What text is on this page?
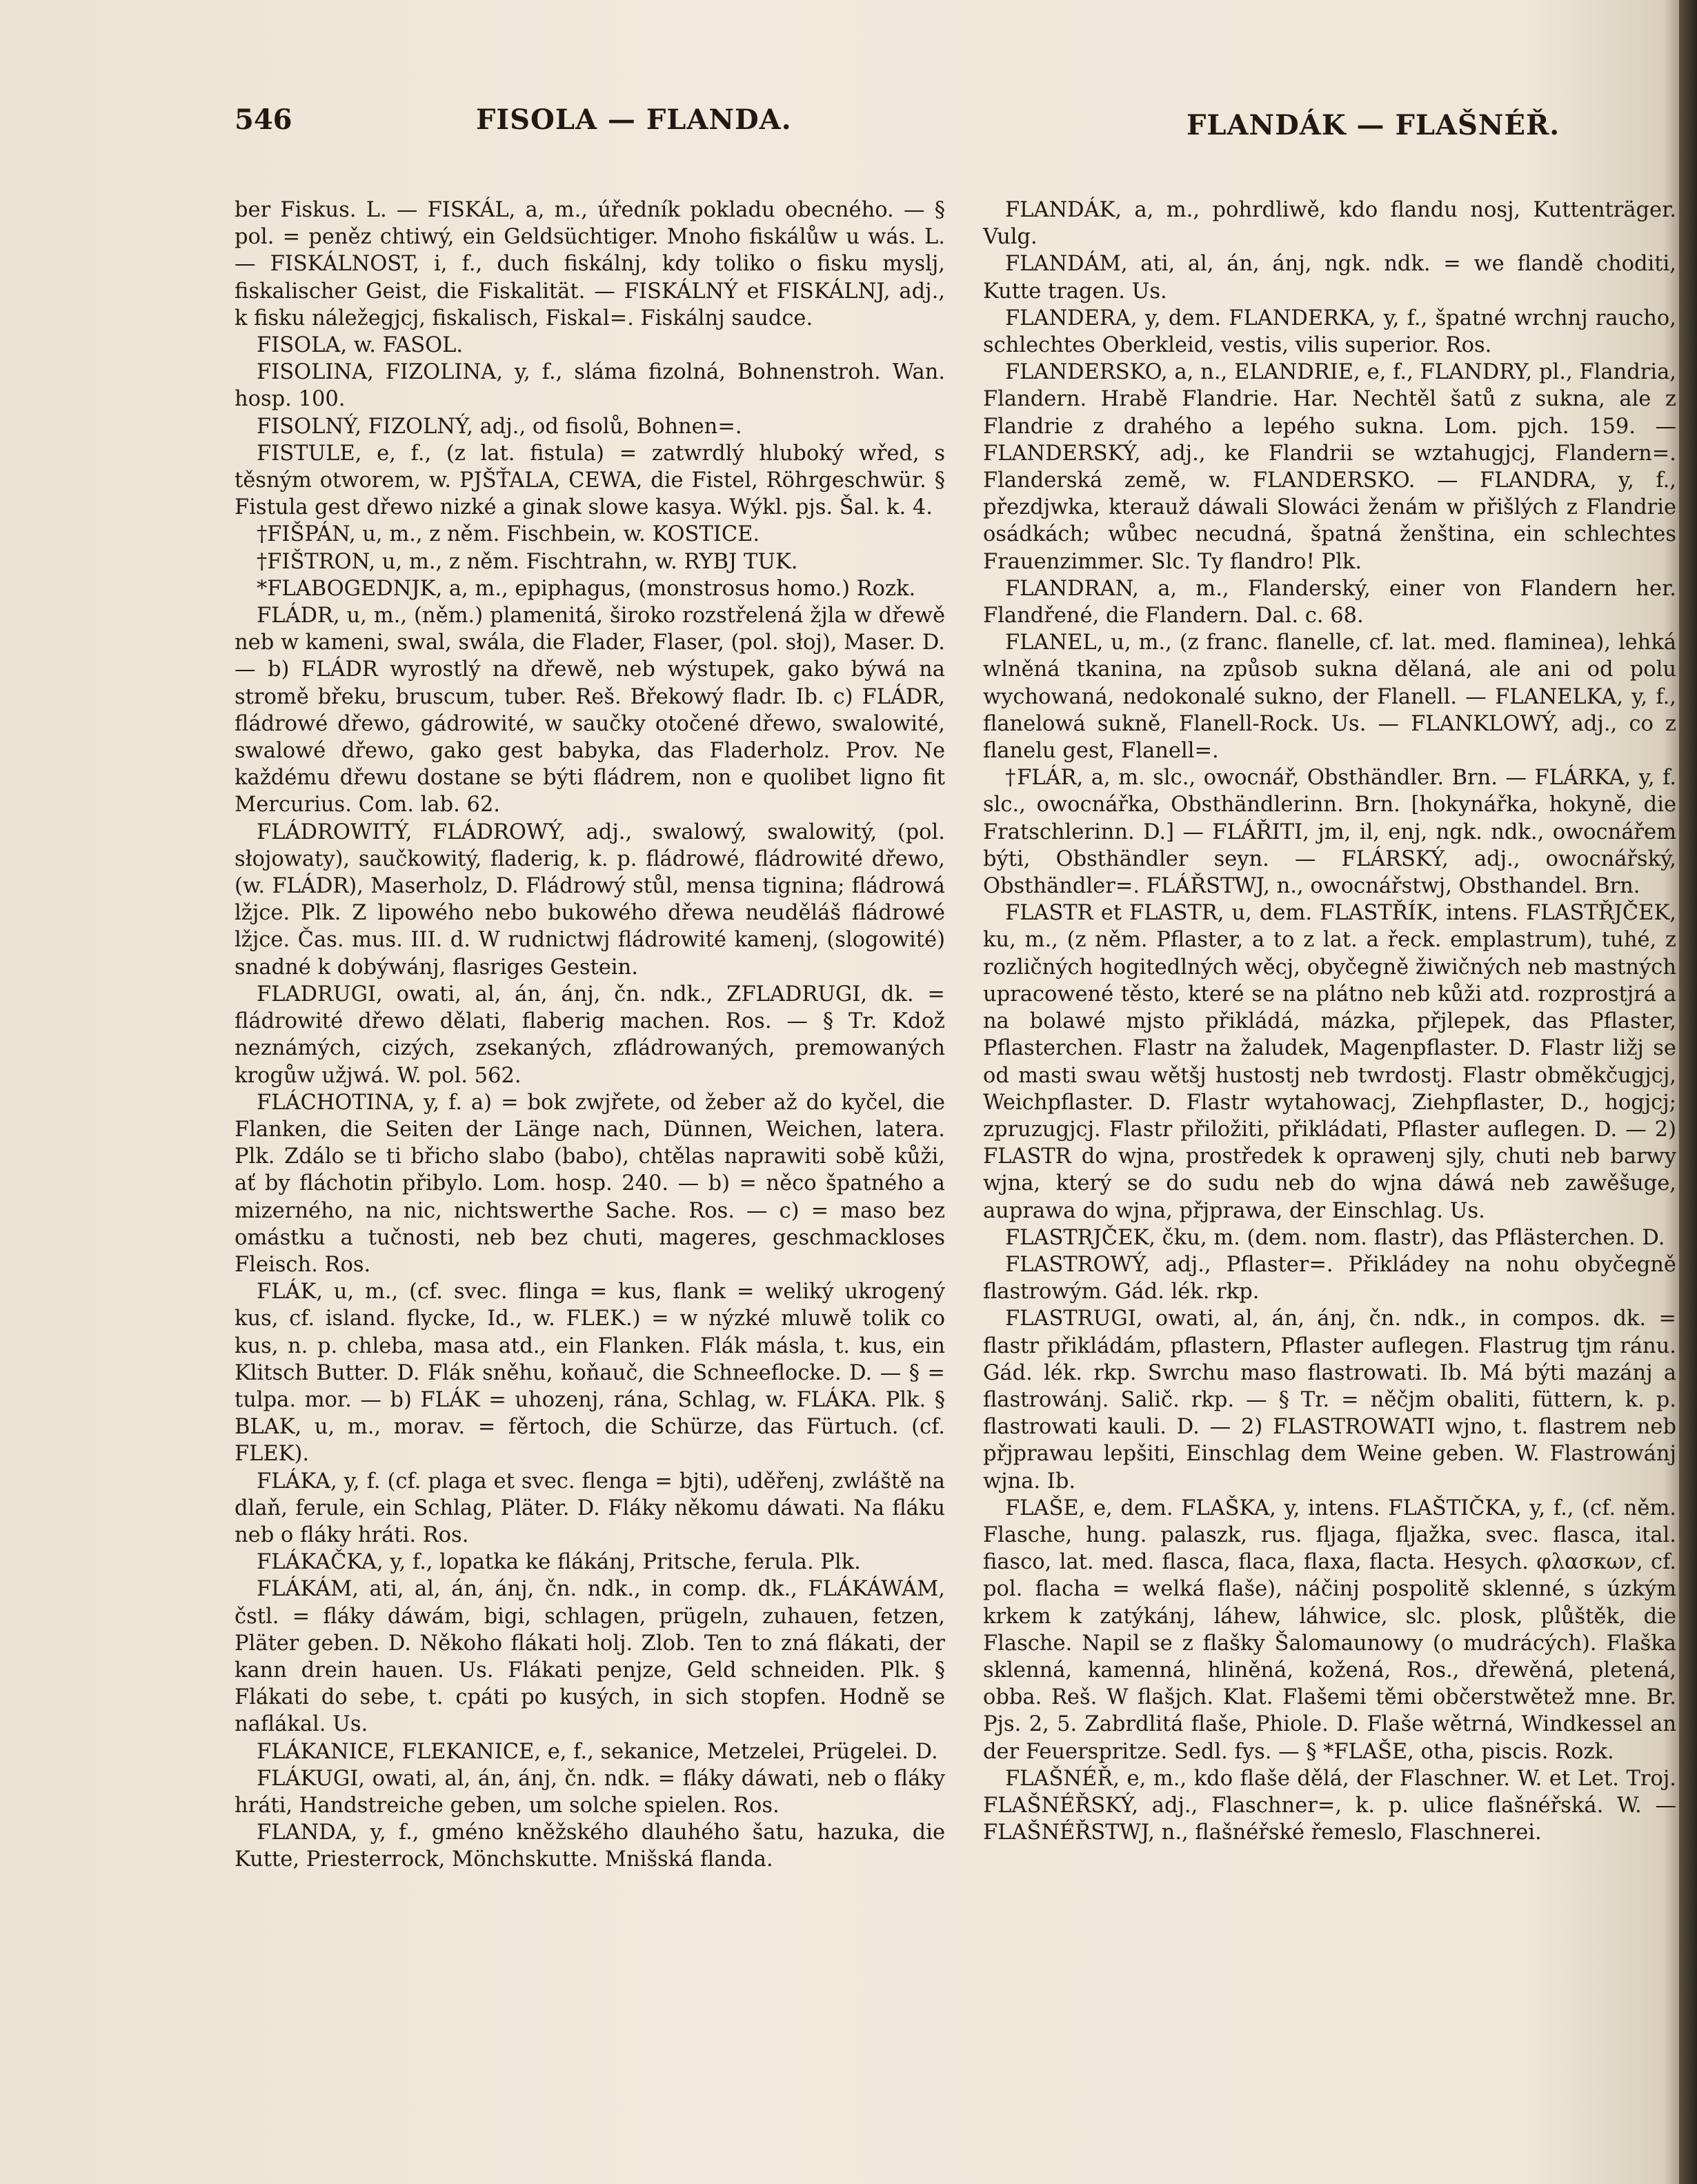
546	FISOLA — FLANDA.	FLANDÁK — FLAŠNÉŘ.

ber Fiskus. L. — FISKÁL, a, m., úředník pokladu obecného. — § pol. = peněz chtiwý, ein Geldsüchtiger. Mnoho fiskálůw u wás. L. — FISKÁLNOST, i, f., duch fiskálnj, kdy toliko o fisku myslj, fiskalischer Geist, die Fiskalität. — FISKÁLNÝ et FISKÁLNJ, adj., k fisku náležegjcj, fiskalisch, Fiskal=. Fiskálnj saudce.

FISOLA, w. FASOL.

FISOLINA, FIZOLINA, y, f., sláma fizolná, Bohnenstroh. Wan. hosp. 100.

FISOLNÝ, FIZOLNÝ, adj., od fisolů, Bohnen=.

FISTULE, e, f., (z lat. fistula) = zatwrdlý hluboký wřed, s těsným otworem, w. PJŠŤALA, CEWA, die Fistel, Röhrgeschwür. § Fistula gest dřewo nizké a ginak slowe kasya. Wýkl. pjs. Šal. k. 4.

†FIŠPÁN, u, m., z něm. Fischbein, w. KOSTICE.

†FIŠTRON, u, m., z něm. Fischtrahn, w. RYBJ TUK.

*FLABOGEDNJK, a, m., epiphagus, (monstrosus homo.) Rozk.

FLÁDR, u, m., (něm.) plamenitá, široko rozstřelená žjla w dřewě neb w kameni, swal, swála, die Flader, Flaser, (pol. słoj), Maser. D. — b) FLÁDR wyrostlý na dřewě, neb wýstupek, gako býwá na stromě břeku, bruscum, tuber. Reš. Břekowý fladr. Ib. c) FLÁDR, fládrowé dřewo, gádrowité, w saučky otočené dřewo, swalowité, swalowé dřewo, gako gest babyka, das Fladerholz. Prov. Ne každému dřewu dostane se býti fládrem, non e quolibet ligno fit Mercurius. Com. lab. 62.

FLÁDROWITÝ, FLÁDROWÝ, adj., swalowý, swalowitý, (pol. słojowaty), saučkowitý, fladerig, k. p. fládrowé, fládrowité dřewo, (w. FLÁDR), Maserholz, D. Fládrowý stůl, mensa tignina; fládrowá lžjce. Plk. Z lipowého nebo bukowého dřewa neuděláš fládrowé lžjce. Čas. mus. III. d. W rudnictwj fládrowité kamenj, (slogowité) snadné k dobýwánj, flasriges Gestein.

FLADRUGI, owati, al, án, ánj, čn. ndk., ZFLADRUGI, dk. = fládrowité dřewo dělati, flaberig machen. Ros. — § Tr. Kdož neznámých, cizých, zsekaných, zfládrowaných, premowaných krogůw užjwá. W. pol. 562.

FLÁCHOTINA, y, f. a) = bok zwjřete, od žeber až do kyčel, die Flanken, die Seiten der Länge nach, Dünnen, Weichen, latera. Plk. Zdálo se ti břicho slabo (babo), chtělas naprawiti sobě kůži, ať by fláchotin přibylo. Lom. hosp. 240. — b) = něco špatného a mizerného, na nic, nichtswerthe Sache. Ros. — c) = maso bez omástku a tučnosti, neb bez chuti, mageres, geschmackloses Fleisch. Ros.

FLÁK, u, m., (cf. svec. flinga = kus, flank = weliký ukrogený kus, cf. island. flycke, Id., w. FLEK.) = w nýzké mluwě tolik co kus, n. p. chleba, masa atd., ein Flanken. Flák másla, t. kus, ein Klitsch Butter. D. Flák sněhu, koňauč, die Schneeflocke. D. — § = tulpa. mor. — b) FLÁK = uhozenj, rána, Schlag, w. FLÁKA. Plk. § BLAK, u, m., morav. = fěrtoch, die Schürze, das Fürtuch. (cf. FLEK).

FLÁKA, y, f. (cf. plaga et svec. flenga = bjti), uděřenj, zwláště na dlaň, ferule, ein Schlag, Pläter. D. Fláky někomu dáwati. Na fláku neb o fláky hráti. Ros.

FLÁKAČKA, y, f., lopatka ke flákánj, Pritsche, ferula. Plk.

FLÁKÁM, ati, al, án, ánj, čn. ndk., in comp. dk., FLÁKÁWÁM, čstl. = fláky dáwám, bigi, schlagen, prügeln, zuhauen, fetzen, Pläter geben. D. Někoho flákati holj. Zlob. Ten to zná flákati, der kann drein hauen. Us. Flákati penjze, Geld schneiden. Plk. § Flákati do sebe, t. cpáti po kusých, in sich stopfen. Hodně se naflákal. Us.

FLÁKANICE, FLEKANICE, e, f., sekanice, Metzelei, Prügelei. D.

FLÁKUGI, owati, al, án, ánj, čn. ndk. = fláky dáwati, neb o fláky hráti, Handstreiche geben, um solche spielen. Ros.

FLANDA, y, f., gméno kněžského dlauhého šatu, hazuka, die Kutte, Priesterrock, Mönchskutte. Mnišská flanda.

FLANDÁK, a, m., pohrdliwě, kdo flandu nosj, Kuttenträger. Vulg.

FLANDÁM, ati, al, án, ánj, ngk. ndk. = we flandě choditi, Kutte tragen. Us.

FLANDERA, y, dem. FLANDERKA, y, f., špatné wrchnj raucho, schlechtes Oberkleid, vestis, vilis superior. Ros.

FLANDERSKO, a, n., ELANDRIE, e, f., FLANDRY, pl., Flandria, Flandern. Hrabě Flandrie. Har. Nechtěl šatů z sukna, ale z Flandrie z drahého a lepého sukna. Lom. pjch. 159. — FLANDERSKÝ, adj., ke Flandrii se wztahugjcj, Flandern=. Flanderská země, w. FLANDERSKO. — FLANDRA, y, f., přezdjwka, kterauž dáwali Slowáci ženám w přišlých z Flandrie osádkách; wůbec necudná, špatná ženština, ein schlechtes Frauenzimmer. Slc. Ty flandro! Plk.

FLANDRAN, a, m., Flanderský, einer von Flandern her. Flandřené, die Flandern. Dal. c. 68.

FLANEL, u, m., (z franc. flanelle, cf. lat. med. flaminea), lehká wlněná tkanina, na způsob sukna dělaná, ale ani od polu wychowaná, nedokonalé sukno, der Flanell. — FLANELKA, y, f., flanelowá sukně, Flanell-Rock. Us. — FLANKLOWÝ, adj., co z flanelu gest, Flanell=.

†FLÁR, a, m. slc., owocnář, Obsthändler. Brn. — FLÁRKA, y, f. slc., owocnářka, Obsthändlerinn. Brn. [hokynářka, hokyně, die Fratschlerinn. D.] — FLÁŘITI, jm, il, enj, ngk. ndk., owocnářem býti, Obsthändler seyn. — FLÁRSKÝ, adj., owocnářský, Obsthändler=. FLÁŘSTWJ, n., owocnářstwj, Obsthandel. Brn.

FLASTR et FLASTR, u, dem. FLASTŘÍK, intens. FLASTŘJČEK, ku, m., (z něm. Pflaster, a to z lat. a řeck. emplastrum), tuhé, z rozličných hogitedlných wěcj, obyčegně žiwičných neb mastných upracowené těsto, které se na plátno neb kůži atd. rozprostjrá a na bolawé mjsto přikládá, mázka, přjlepek, das Pflaster, Pflasterchen. Flastr na žaludek, Magenpflaster. D. Flastr ližj se od masti swau wětšj hustostj neb twrdostj. Flastr obměkčugjcj, Weichpflaster. D. Flastr wytahowacj, Ziehpflaster, D., hogjcj; zpruzugjcj. Flastr přiložiti, přikládati, Pflaster auflegen. D. — 2) FLASTR do wjna, prostředek k oprawenj sjly, chuti neb barwy wjna, který se do sudu neb do wjna dáwá neb zawěšuge, auprawa do wjna, přjprawa, der Einschlag. Us.

FLASTRJČEK, čku, m. (dem. nom. flastr), das Pflästerchen. D.

FLASTROWÝ, adj., Pflaster=. Přikládey na nohu obyčegně flastrowým. Gád. lék. rkp.

FLASTRUGI, owati, al, án, ánj, čn. ndk., in compos. dk. = flastr přikládám, pflastern, Pflaster auflegen. Flastrug tjm ránu. Gád. lék. rkp. Swrchu maso flastrowati. Ib. Má býti mazánj a flastrowánj. Salič. rkp. — § Tr. = něčjm obaliti, füttern, k. p. flastrowati kauli. D. — 2) FLASTROWATI wjno, t. flastrem neb přjprawau lepšiti, Einschlag dem Weine geben. W. Flastrowánj wjna. Ib.

FLAŠE, e, dem. FLAŠKA, y, intens. FLAŠTIČKA, y, f., (cf. něm. Flasche, hung. palaszk, rus. fljaga, fljažka, svec. flasca, ital. fiasco, lat. med. flasca, flaca, flaxa, flacta. Hesych. φλασκων, cf. pol. flacha = welká flaše), náčinj pospolitě sklenné, s úzkým krkem k zatýkánj, láhew, láhwice, slc. plosk, plůštěk, die Flasche. Napil se z flašky Šalomaunowy (o mudrácých). Flaška sklenná, kamenná, hliněná, kožená, Ros., dřewěná, pletená, obba. Reš. W flašjch. Klat. Flašemi těmi občerstwětež mne. Br. Pjs. 2, 5. Zabrdlitá flaše, Phiole. D. Flaše wětrná, Windkessel an der Feuerspritze. Sedl. fys. — § *FLAŠE, otha, piscis. Rozk.

FLAŠNÉŘ, e, m., kdo flaše dělá, der Flaschner. W. et Let. Troj. FLAŠNÉŘSKÝ, adj., Flaschner=, k. p. ulice flašnéřská. W. — FLAŠNÉŘSTWJ, n., flašnéřské řemeslo, Flaschnerei.
